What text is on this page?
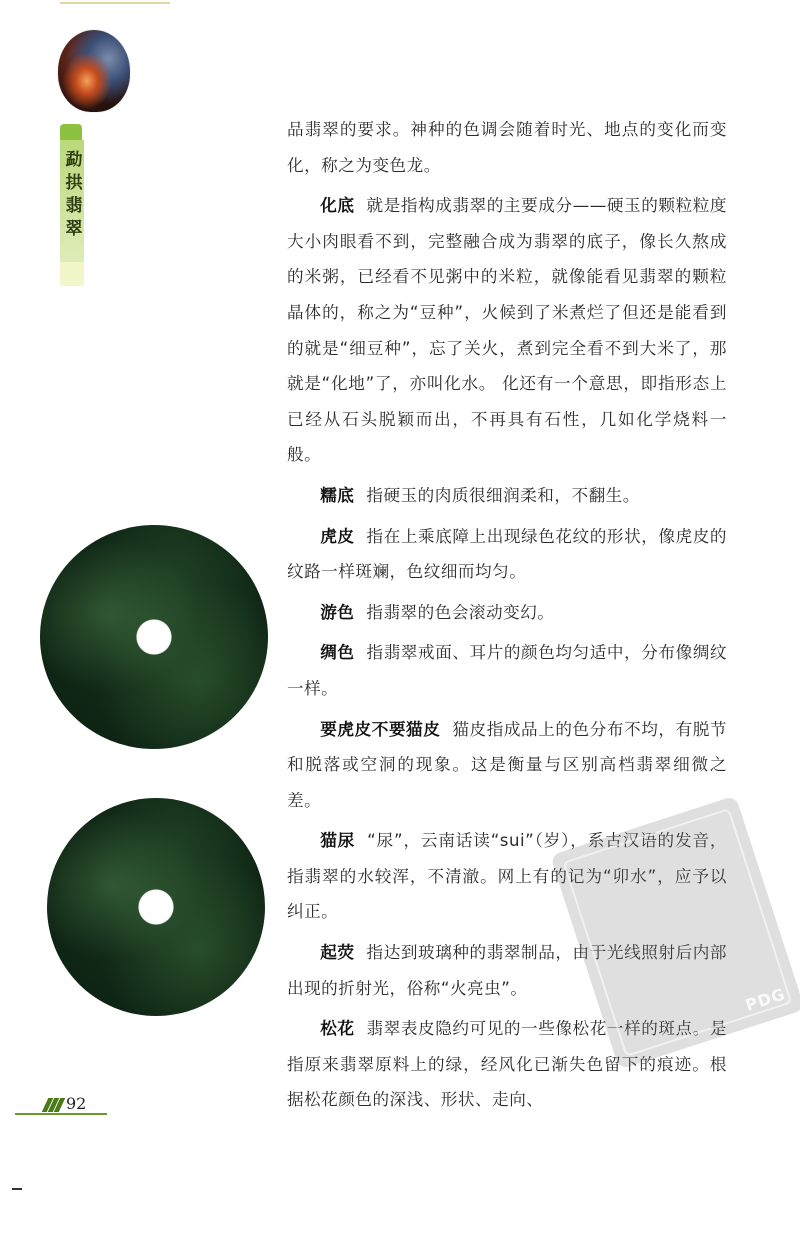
勐拱翡翠

品翡翠的要求。神种的色调会随着时光、地点的变化而变化，称之为变色龙。

化底 就是指构成翡翠的主要成分——硬玉的颗粒粒度大小肉眼看不到，完整融合成为翡翠的底子，像长久熬成的米粥，已经看不见粥中的米粒，就像能看见翡翠的颗粒晶体的，称之为“豆种”，火候到了米煮烂了但还是能看到的就是“细豆种”，忘了关火，煮到完全看不到大米了，那就是“化地”了，亦叫化水。 化还有一个意思，即指形态上已经从石头脱颖而出，不再具有石性，几如化学烧料一般。

糯底 指硬玉的肉质很细润柔和，不翻生。

虎皮 指在上乘底障上出现绿色花纹的形状，像虎皮的纹路一样斑斓，色纹细而均匀。

游色 指翡翠的色会滚动变幻。

绸色 指翡翠戒面、耳片的颜色均匀适中，分布像绸纹一样。

要虎皮不要猫皮 猫皮指成品上的色分布不均，有脱节和脱落或空洞的现象。这是衡量与区别高档翡翠细微之差。

猫尿 “尿”，云南话读“sui”（岁），系古汉语的发音，指翡翠的水较浑，不清澈。网上有的记为“卯水”，应予以纠正。

起荧 指达到玻璃种的翡翠制品，由于光线照射后内部出现的折射光，俗称“火亮虫”。

松花 翡翠表皮隐约可见的一些像松花一样的斑点。是指原来翡翠原料上的绿，经风化已渐失色留下的痕迹。根据松花颜色的深浅、形状、走向、

92
PDG
